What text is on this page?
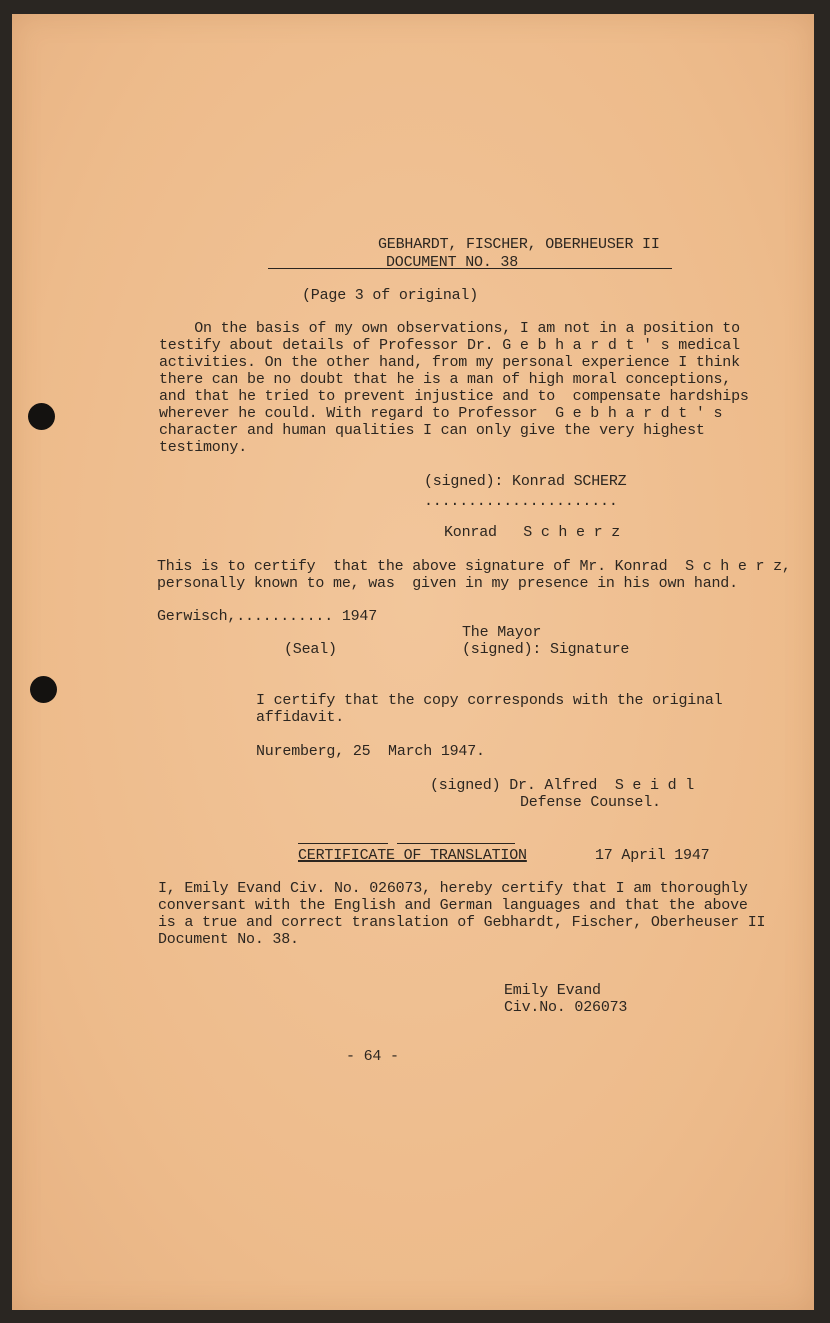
GEBHARDT, FISCHER, OBERHEUSER II

DOCUMENT NO. 38

(Page 3 of original)

On the basis of my own observations, I am not in a position to

testify about details of Professor Dr. G e b h a r d t ' s medical

activities. On the other hand, from my personal experience I think

there can be no doubt that he is a man of high moral conceptions,

and that he tried to prevent injustice and to  compensate hardships

wherever he could. With regard to Professor  G e b h a r d t ' s

character and human qualities I can only give the very highest

testimony.

(signed): Konrad SCHERZ

......................

Konrad   S c h e r z

This is to certify  that the above signature of Mr. Konrad  S c h e r z,

personally known to me, was  given in my presence in his own hand.

Gerwisch,........... 1947

The Mayor

(Seal)	(signed): Signature

I certify that the copy corresponds with the original

affidavit.

Nuremberg, 25  March 1947.

(signed) Dr. Alfred  S e i d l

Defense Counsel.

CERTIFICATE OF TRANSLATION	17 April 1947

I, Emily Evand Civ. No. 026073, hereby certify that I am thoroughly

conversant with the English and German languages and that the above

is a true and correct translation of Gebhardt, Fischer, Oberheuser II

Document No. 38.

Emily Evand

Civ.No. 026073

- 64 -
